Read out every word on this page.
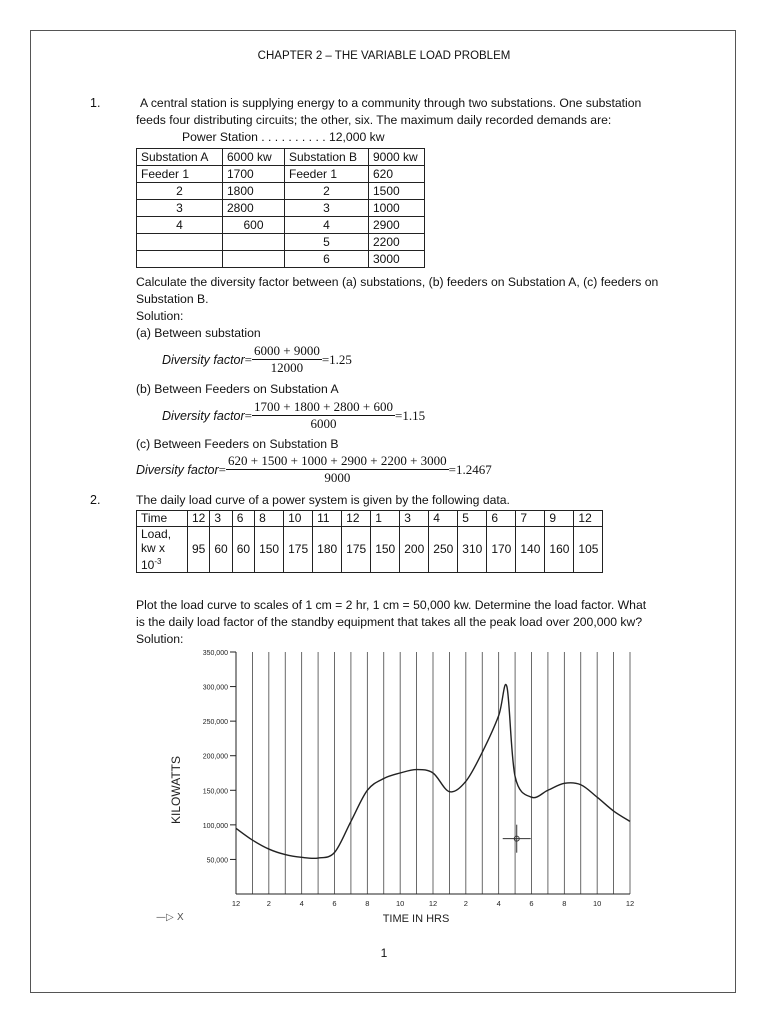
CHAPTER 2 – THE VARIABLE LOAD PROBLEM
1.	A central station is supplying energy to a community through two substations. One substation
feeds four distributing circuits; the other, six. The maximum daily recorded demands are:
Power Station . . . . . . . . . . 12,000 kw
Substation A	6000 kw	Substation B	9000 kw
Feeder 1	1700	Feeder 1	620
2	1800	2	1500
3	2800	3	1000
4	600	4	2900
		5	2200
		6	3000
Calculate the diversity factor between (a) substations, (b) feeders on Substation A, (c) feeders on
Substation B.
Solution:
(a) Between substation
Diversity factor = $\frac{6000 + 9000}{12000} =1.25$
(b) Between Feeders on Substation A
Diversity factor = $\frac{1700 + 1800 + 2800 + 600}{6000} =1.15$
(c) Between Feeders on Substation B
Diversity factor = $\frac{620 + 1500 + 1000 + 2900 + 2200 + 3000}{9000} =1.2467$
2.	The daily load curve of a power system is given by the following data.
Time	12	3	6	8	10	11	12	1	3	4	5	6	7	9	12
Load,
kw x
$10^{-3}$	95	60	60	150	175	180	175	150	200	250	310	170	140	160	105
Plot the load curve to scales of 1 cm = 2 hr, 1 cm = 50,000 kw. Determine the load factor. What
is the daily load factor of the standby equipment that takes all the peak load over 200,000 kw?
Solution:
50,000
100,000
150,000
200,000
250,000
300,000
350,000
12	2	4	6	8	10	12	2	4	6	8	10	12
KILOWATTS
TIME IN HRS
—▷ X
1
